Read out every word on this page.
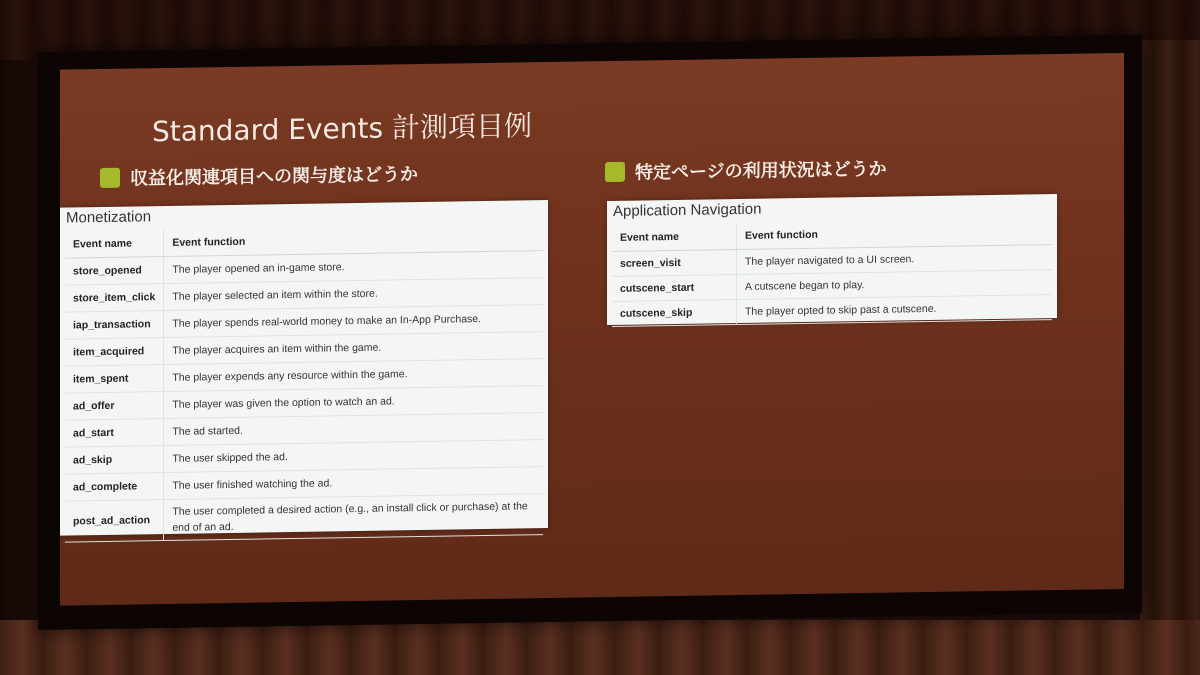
Standard Events 計測項目例
収益化関連項目への関与度はどうか	特定ページの利用状況はどうか
Monetization
Event name	Event function
store_opened	The player opened an in-game store.
store_item_click	The player selected an item within the store.
iap_transaction	The player spends real-world money to make an In-App Purchase.
item_acquired	The player acquires an item within the game.
item_spent	The player expends any resource within the game.
ad_offer	The player was given the option to watch an ad.
ad_start	The ad started.
ad_skip	The user skipped the ad.
ad_complete	The user finished watching the ad.
post_ad_action	The user completed a desired action (e.g., an install click or purchase) at the end of an ad.
Application Navigation
Event name	Event function
screen_visit	The player navigated to a UI screen.
cutscene_start	A cutscene began to play.
cutscene_skip	The player opted to skip past a cutscene.
